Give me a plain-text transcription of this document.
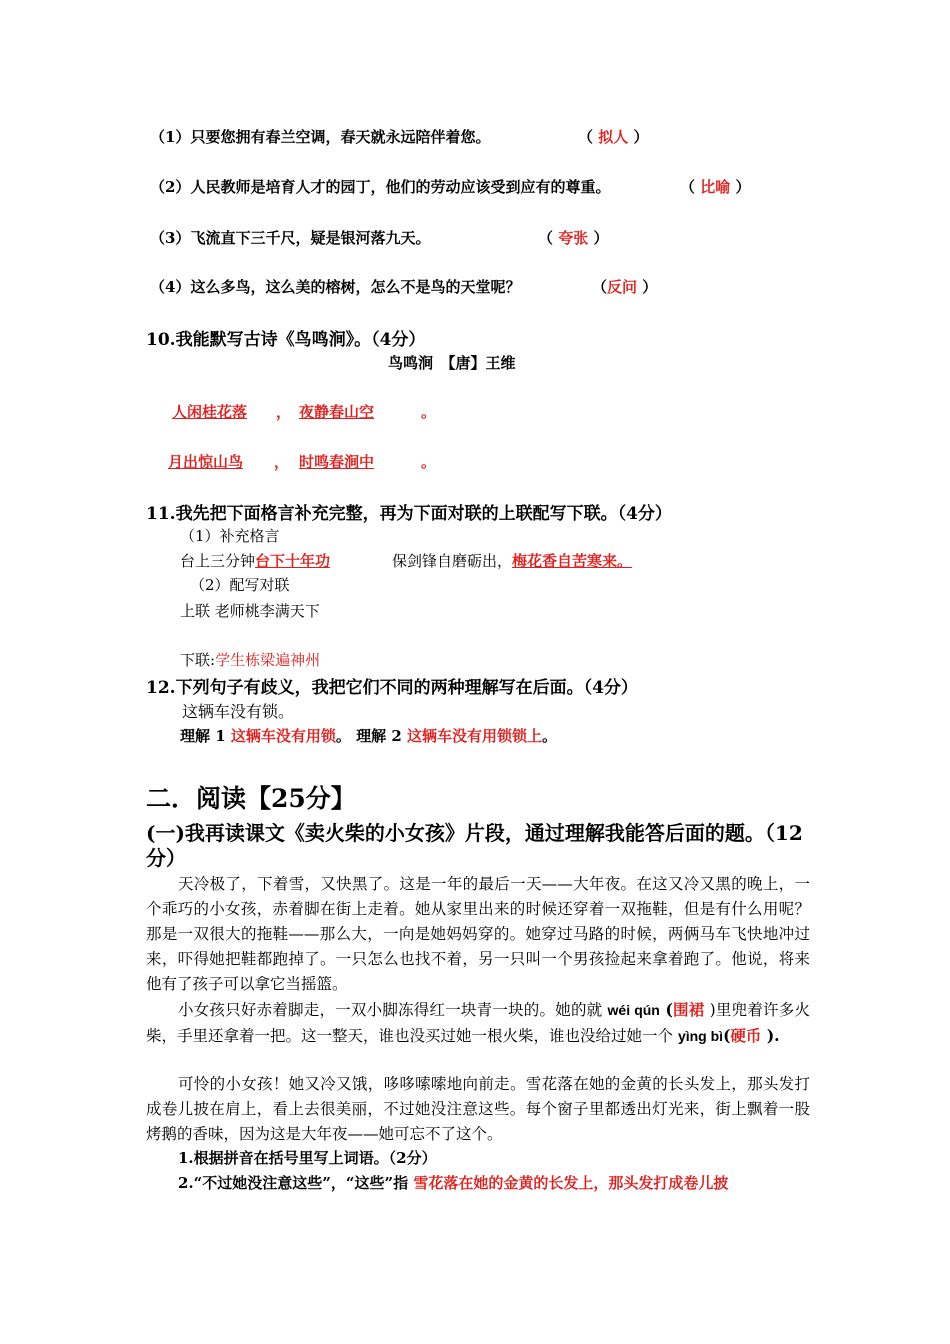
（1）只要您拥有春兰空调，春天就永远陪伴着您。	（ 拟人 ）
（2）人民教师是培育人才的园丁，他们的劳动应该受到应有的尊重。	（ 比喻 ）
（3）飞流直下三千尺，疑是银河落九天。	（ 夸张 ）
（4）这么多鸟，这么美的榕树，怎么不是鸟的天堂呢？	（反问 ）
10.我能默写古诗《鸟鸣涧》。（4分）
鸟鸣涧　【唐】王维
人闲桂花落 ， 夜静春山空	。
月出惊山鸟 ， 时鸣春涧中	。
11.我先把下面格言补充完整，再为下面对联的上联配写下联。（4分）
（1）补充格言
台上三分钟台下十年功	保剑锋自磨砺出，梅花香自苦寒来。
（2）配写对联
上联 老师桃李满天下
下联:学生栋梁遍神州
12.下列句子有歧义，我把它们不同的两种理解写在后面。（4分）
这辆车没有锁。
理解 1 这辆车没有用锁。 理解 2 这辆车没有用锁锁上。
二．阅读【25分】
(一)我再读课文《卖火柴的小女孩》片段，通过理解我能答后面的题。（12分）
天冷极了，下着雪，又快黑了。这是一年的最后一天——大年夜。在这又冷又黑的晚上，一个乖巧的小女孩，赤着脚在街上走着。她从家里出来的时候还穿着一双拖鞋，但是有什么用呢？那是一双很大的拖鞋——那么大，一向是她妈妈穿的。她穿过马路的时候，两俩马车飞快地冲过来，吓得她把鞋都跑掉了。一只怎么也找不着，另一只叫一个男孩捡起来拿着跑了。他说，将来他有了孩子可以拿它当摇篮。
小女孩只好赤着脚走，一双小脚冻得红一块青一块的。她的就 wéi qún (围裙 )里兜着许多火柴，手里还拿着一把。这一整天，谁也没买过她一根火柴，谁也没给过她一个 yìng bì(硬币 ).
可怜的小女孩！她又冷又饿，哆哆嗦嗦地向前走。雪花落在她的金黄的长头发上，那头发打成卷儿披在肩上，看上去很美丽，不过她没注意这些。每个窗子里都透出灯光来，街上飘着一股烤鹅的香味，因为这是大年夜——她可忘不了这个。
1.根据拼音在括号里写上词语。（2分）
2.“不过她没注意这些”，“这些”指 雪花落在她的金黄的长发上，那头发打成卷儿披
